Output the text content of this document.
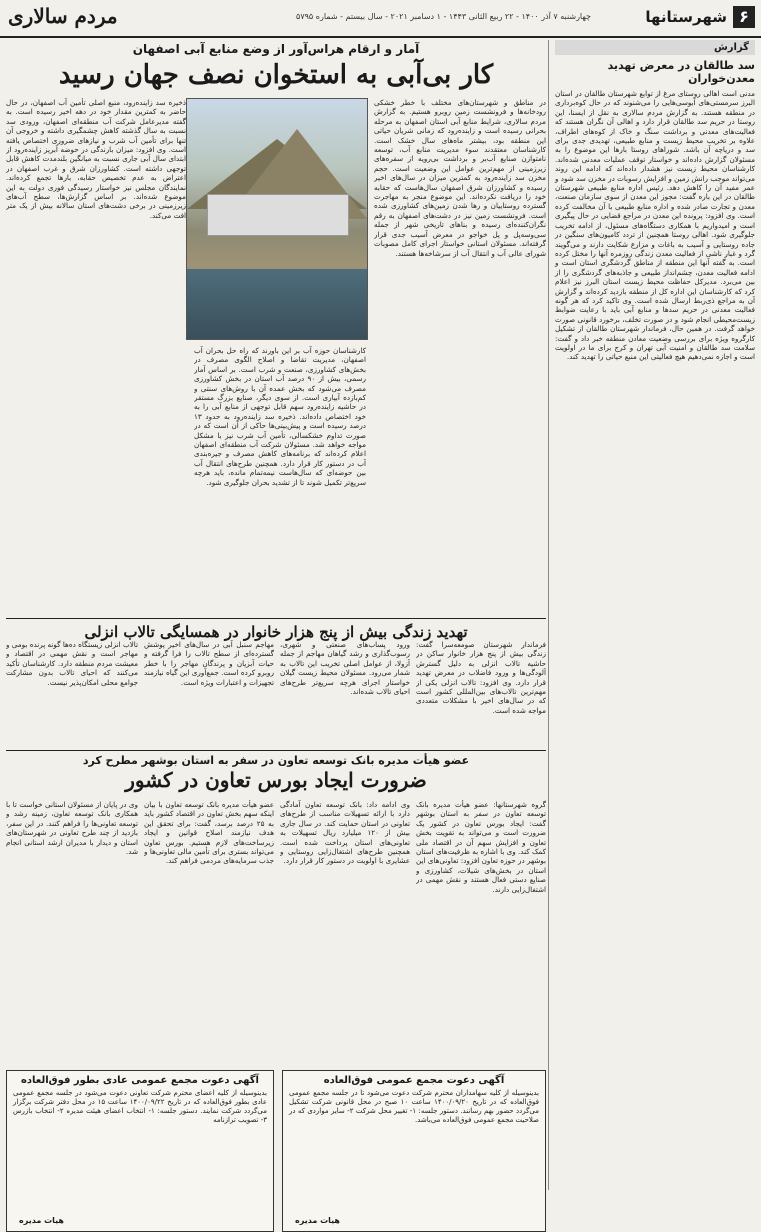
۶
شهرستانها
چهارشنبه ۷ آذر ۱۴۰۰ - ۲۲ ربیع الثانی ۱۴۴۳ - ۱ دسامبر ۲۰۲۱ - سال بیستم - شماره ۵۷۹۵
مردم سالاری
گزارش
سد طالقان در معرض تهدید معدن‌خواران
مدنی است اهالی روستای مرغ از توابع شهرستان طالقان در استان البرز سرمستی‌های آبوسی‌هایی را می‌شنوند که در حال کوه‌برداری در منطقه هستند. به گزارش مردم سالاری به نقل از ایسنا، این روستا در حریم سد طالقان قرار دارد و اهالی آن نگران هستند که فعالیت‌های معدنی و برداشت سنگ و خاک از کوه‌های اطراف، علاوه بر تخریب محیط زیست و منابع طبیعی، تهدیدی جدی برای سد و دریاچه آن باشد. شوراهای روستا بارها این موضوع را به مسئولان گزارش داده‌اند و خواستار توقف عملیات معدنی شده‌اند. کارشناسان محیط زیست نیز هشدار داده‌اند که ادامه این روند می‌تواند موجب رانش زمین و افزایش رسوبات در مخزن سد شود و عمر مفید آن را کاهش دهد. رئیس اداره منابع طبیعی شهرستان طالقان در این باره گفت: مجوز این معدن از سوی سازمان صنعت، معدن و تجارت صادر شده و اداره منابع طبیعی با آن مخالفت کرده است. وی افزود: پرونده این معدن در مراجع قضایی در حال پیگیری است و امیدواریم با همکاری دستگاه‌های مسئول، از ادامه تخریب جلوگیری شود. اهالی روستا همچنین از تردد کامیون‌های سنگین در جاده روستایی و آسیب به باغات و مزارع شکایت دارند و می‌گویند گرد و غبار ناشی از فعالیت معدن زندگی روزمره آنها را مختل کرده است. به گفته آنها این منطقه از مناطق گردشگری استان است و ادامه فعالیت معدن، چشم‌انداز طبیعی و جاذبه‌های گردشگری را از بین می‌برد. مدیرکل حفاظت محیط زیست استان البرز نیز اعلام کرد که کارشناسان این اداره کل از منطقه بازدید کرده‌اند و گزارش آن به مراجع ذی‌ربط ارسال شده است. وی تاکید کرد که هر گونه فعالیت معدنی در حریم سدها و منابع آبی باید با رعایت ضوابط زیست‌محیطی انجام شود و در صورت تخلف، برخورد قانونی صورت خواهد گرفت. در همین حال، فرماندار شهرستان طالقان از تشکیل کارگروه ویژه برای بررسی وضعیت معادن منطقه خبر داد و گفت: سلامت سد طالقان و امنیت آبی تهران و کرج برای ما در اولویت است و اجازه نمی‌دهیم هیچ فعالیتی این منبع حیاتی را تهدید کند.
آمار و ارقام هراس‌آور از وضع منابع آبی اصفهان
کار بی‌آبی به استخوان نصف جهان رسید
در مناطق و شهرستان‌های مختلف با خطر خشکی رودخانه‌ها و فرونشست زمین روبرو هستیم. به گزارش مردم سالاری، شرایط منابع آبی استان اصفهان به مرحله بحرانی رسیده است و زاینده‌رود که زمانی شریان حیاتی این منطقه بود، بیشتر ماه‌های سال خشک است. کارشناسان معتقدند سوء مدیریت منابع آب، توسعه نامتوازن صنایع آب‌بر و برداشت بی‌رویه از سفره‌های زیرزمینی از مهم‌ترین عوامل این وضعیت است. حجم مخزن سد زاینده‌رود به کمترین میزان در سال‌های اخیر رسیده و کشاورزان شرق اصفهان سال‌هاست که حقابه خود را دریافت نکرده‌اند. این موضوع منجر به مهاجرت گسترده روستاییان و رها شدن زمین‌های کشاورزی شده است. فرونشست زمین نیز در دشت‌های اصفهان به رقم نگران‌کننده‌ای رسیده و بناهای تاریخی شهر از جمله سی‌وسه‌پل و پل خواجو در معرض آسیب جدی قرار گرفته‌اند. مسئولان استانی خواستار اجرای کامل مصوبات شورای عالی آب و انتقال آب از سرشاخه‌ها هستند.
کارشناسان حوزه آب بر این باورند که راه حل بحران آب اصفهان، مدیریت تقاضا و اصلاح الگوی مصرف در بخش‌های کشاورزی، صنعت و شرب است. بر اساس آمار رسمی، بیش از ۹۰ درصد آب استان در بخش کشاورزی مصرف می‌شود که بخش عمده آن با روش‌های سنتی و کم‌بازده آبیاری است. از سوی دیگر، صنایع بزرگ مستقر در حاشیه زاینده‌رود سهم قابل توجهی از منابع آبی را به خود اختصاص داده‌اند. ذخیره سد زاینده‌رود به حدود ۱۳ درصد رسیده است و پیش‌بینی‌ها حاکی از آن است که در صورت تداوم خشکسالی، تأمین آب شرب نیز با مشکل مواجه خواهد شد. مسئولان شرکت آب منطقه‌ای اصفهان اعلام کرده‌اند که برنامه‌های کاهش مصرف و جیره‌بندی آب در دستور کار قرار دارد. همچنین طرح‌های انتقال آب بین حوضه‌ای که سال‌هاست نیمه‌تمام مانده، باید هرچه سریع‌تر تکمیل شوند تا از تشدید بحران جلوگیری شود.
ذخیره سد زاینده‌رود، منبع اصلی تأمین آب اصفهان، در حال حاضر به کمترین مقدار خود در دهه اخیر رسیده است. به گفته مدیرعامل شرکت آب منطقه‌ای اصفهان، ورودی سد نسبت به سال گذشته کاهش چشمگیری داشته و خروجی آن تنها برای تأمین آب شرب و نیازهای ضروری اختصاص یافته است. وی افزود: میزان بارندگی در حوضه آبریز زاینده‌رود از ابتدای سال آبی جاری نسبت به میانگین بلندمدت کاهش قابل توجهی داشته است. کشاورزان شرق و غرب اصفهان در اعتراض به عدم تخصیص حقابه، بارها تجمع کرده‌اند. نمایندگان مجلس نیز خواستار رسیدگی فوری دولت به این موضوع شده‌اند. بر اساس گزارش‌ها، سطح آب‌های زیرزمینی در برخی دشت‌های استان سالانه بیش از یک متر افت می‌کند.
تهدید زندگی بیش از پنج هزار خانوار در همسایگی تالاب انزلی
فرماندار شهرستان صومعه‌سرا گفت: زندگی بیش از پنج هزار خانوار ساکن در حاشیه تالاب انزلی به دلیل گسترش آلودگی‌ها و ورود فاضلاب در معرض تهدید قرار دارد. وی افزود: تالاب انزلی یکی از مهم‌ترین تالاب‌های بین‌المللی کشور است که در سال‌های اخیر با مشکلات متعددی مواجه شده است.
ورود پساب‌های صنعتی و شهری، رسوب‌گذاری و رشد گیاهان مهاجم از جمله آزولا، از عوامل اصلی تخریب این تالاب به شمار می‌رود. مسئولان محیط زیست گیلان خواستار اجرای هرچه سریع‌تر طرح‌های احیای تالاب شده‌اند.
مهاجم سنبل آبی در سال‌های اخیر پوشش گسترده‌ای از سطح تالاب را فرا گرفته و حیات آبزیان و پرندگان مهاجر را با خطر روبرو کرده است. جمع‌آوری این گیاه نیازمند تجهیزات و اعتبارات ویژه است.
تالاب انزلی زیستگاه ده‌ها گونه پرنده بومی و مهاجر است و نقش مهمی در اقتصاد و معیشت مردم منطقه دارد. کارشناسان تأکید می‌کنند که احیای تالاب بدون مشارکت جوامع محلی امکان‌پذیر نیست.
عضو هیأت مدیره بانک توسعه تعاون در سفر به استان بوشهر مطرح کرد
ضرورت ایجاد بورس تعاون در کشور
گروه شهرستانها: عضو هیأت مدیره بانک توسعه تعاون در سفر به استان بوشهر گفت: ایجاد بورس تعاون در کشور یک ضرورت است و می‌تواند به تقویت بخش تعاون و افزایش سهم آن در اقتصاد ملی کمک کند. وی با اشاره به ظرفیت‌های استان بوشهر در حوزه تعاون افزود: تعاونی‌های این استان در بخش‌های شیلات، کشاورزی و صنایع دستی فعال هستند و نقش مهمی در اشتغال‌زایی دارند.
وی ادامه داد: بانک توسعه تعاون آمادگی دارد با ارائه تسهیلات مناسب از طرح‌های تعاونی در استان حمایت کند. در سال جاری بیش از ۱۲۰ میلیارد ریال تسهیلات به تعاونی‌های استان پرداخت شده است. همچنین طرح‌های اشتغال‌زایی روستایی و عشایری با اولویت در دستور کار قرار دارد.
عضو هیأت مدیره بانک توسعه تعاون با بیان اینکه سهم بخش تعاون در اقتصاد کشور باید به ۲۵ درصد برسد، گفت: برای تحقق این هدف نیازمند اصلاح قوانین و ایجاد زیرساخت‌های لازم هستیم. بورس تعاون می‌تواند بستری برای تأمین مالی تعاونی‌ها و جذب سرمایه‌های مردمی فراهم کند.
وی در پایان از مسئولان استانی خواست تا با همکاری بانک توسعه تعاون، زمینه رشد و توسعه تعاونی‌ها را فراهم کنند. در این سفر، بازدید از چند طرح تعاونی در شهرستان‌های استان و دیدار با مدیران ارشد استانی انجام شد.
آگهی دعوت مجمع عمومی فوق‌العاده
بدینوسیله از کلیه سهامداران محترم شرکت دعوت می‌شود تا در جلسه مجمع عمومی فوق‌العاده که در تاریخ ۱۴۰۰/۰۹/۲۰ ساعت ۱۰ صبح در محل قانونی شرکت تشکیل می‌گردد حضور بهم رسانند. دستور جلسه: ۱- تغییر محل شرکت ۲- سایر مواردی که در صلاحیت مجمع عمومی فوق‌العاده می‌باشد.
هیات مدیره
آگهی دعوت مجمع عمومی عادی بطور فوق‌العاده
بدینوسیله از کلیه اعضای محترم شرکت تعاونی دعوت می‌شود در جلسه مجمع عمومی عادی بطور فوق‌العاده که در تاریخ ۱۴۰۰/۰۹/۲۲ ساعت ۱۵ در محل دفتر شرکت برگزار می‌گردد شرکت نمایند. دستور جلسه: ۱- انتخاب اعضای هیئت مدیره ۲- انتخاب بازرس ۳- تصویب ترازنامه
هیات مدیره
